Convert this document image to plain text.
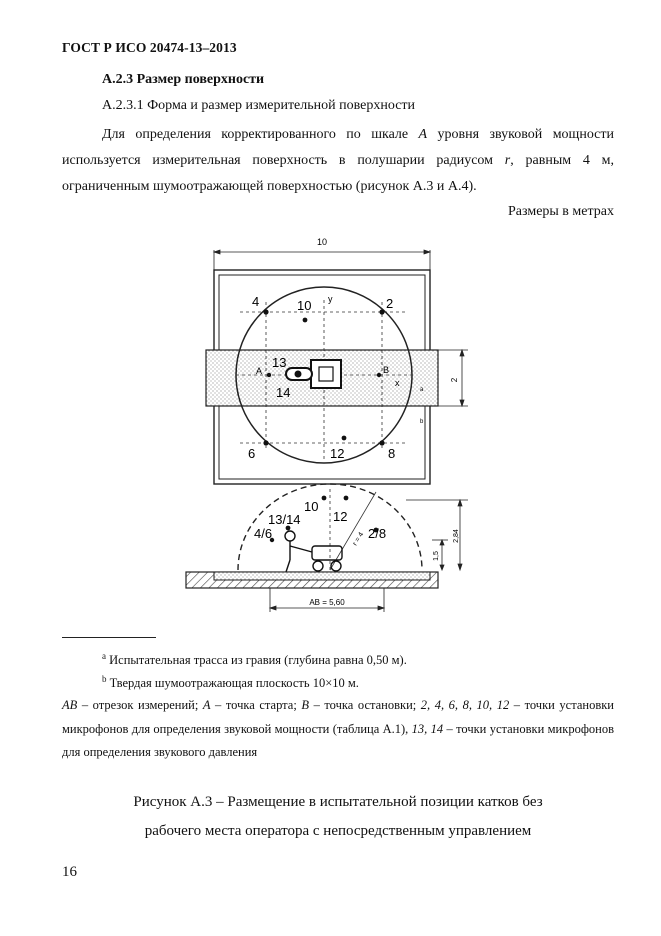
ГОСТ Р ИСО 20474-13–2013
А.2.3 Размер поверхности
А.2.3.1 Форма и размер измерительной поверхности
Для определения корректированного по шкале А уровня звуковой мощности используется измерительная поверхность в полушарии радиусом r, равным 4 м, ограниченным шумоотражающей поверхностью (рисунок А.3 и А.4).
Размеры в метрах
10
2
4	10	2
6	12	8
13
14
y
x
A	B
a
b
r = 4
10
12
13/14
4/6	2/8	2,84
1,5
AB = 5,60
$^a$ Испытательная трасса из гравия (глубина равна 0,50 м).
$^b$ Твердая шумоотражающая плоскость 10×10 м.
AB – отрезок измерений; A – точка старта; B – точка остановки; 2, 4, 6, 8, 10, 12 – точки установки микрофонов для определения звуковой мощности (таблица А.1), 13, 14 – точки установки микрофонов для определения звукового давления
Рисунок А.3 – Размещение в испытательной позиции катков без
рабочего места оператора с непосредственным управлением
16
